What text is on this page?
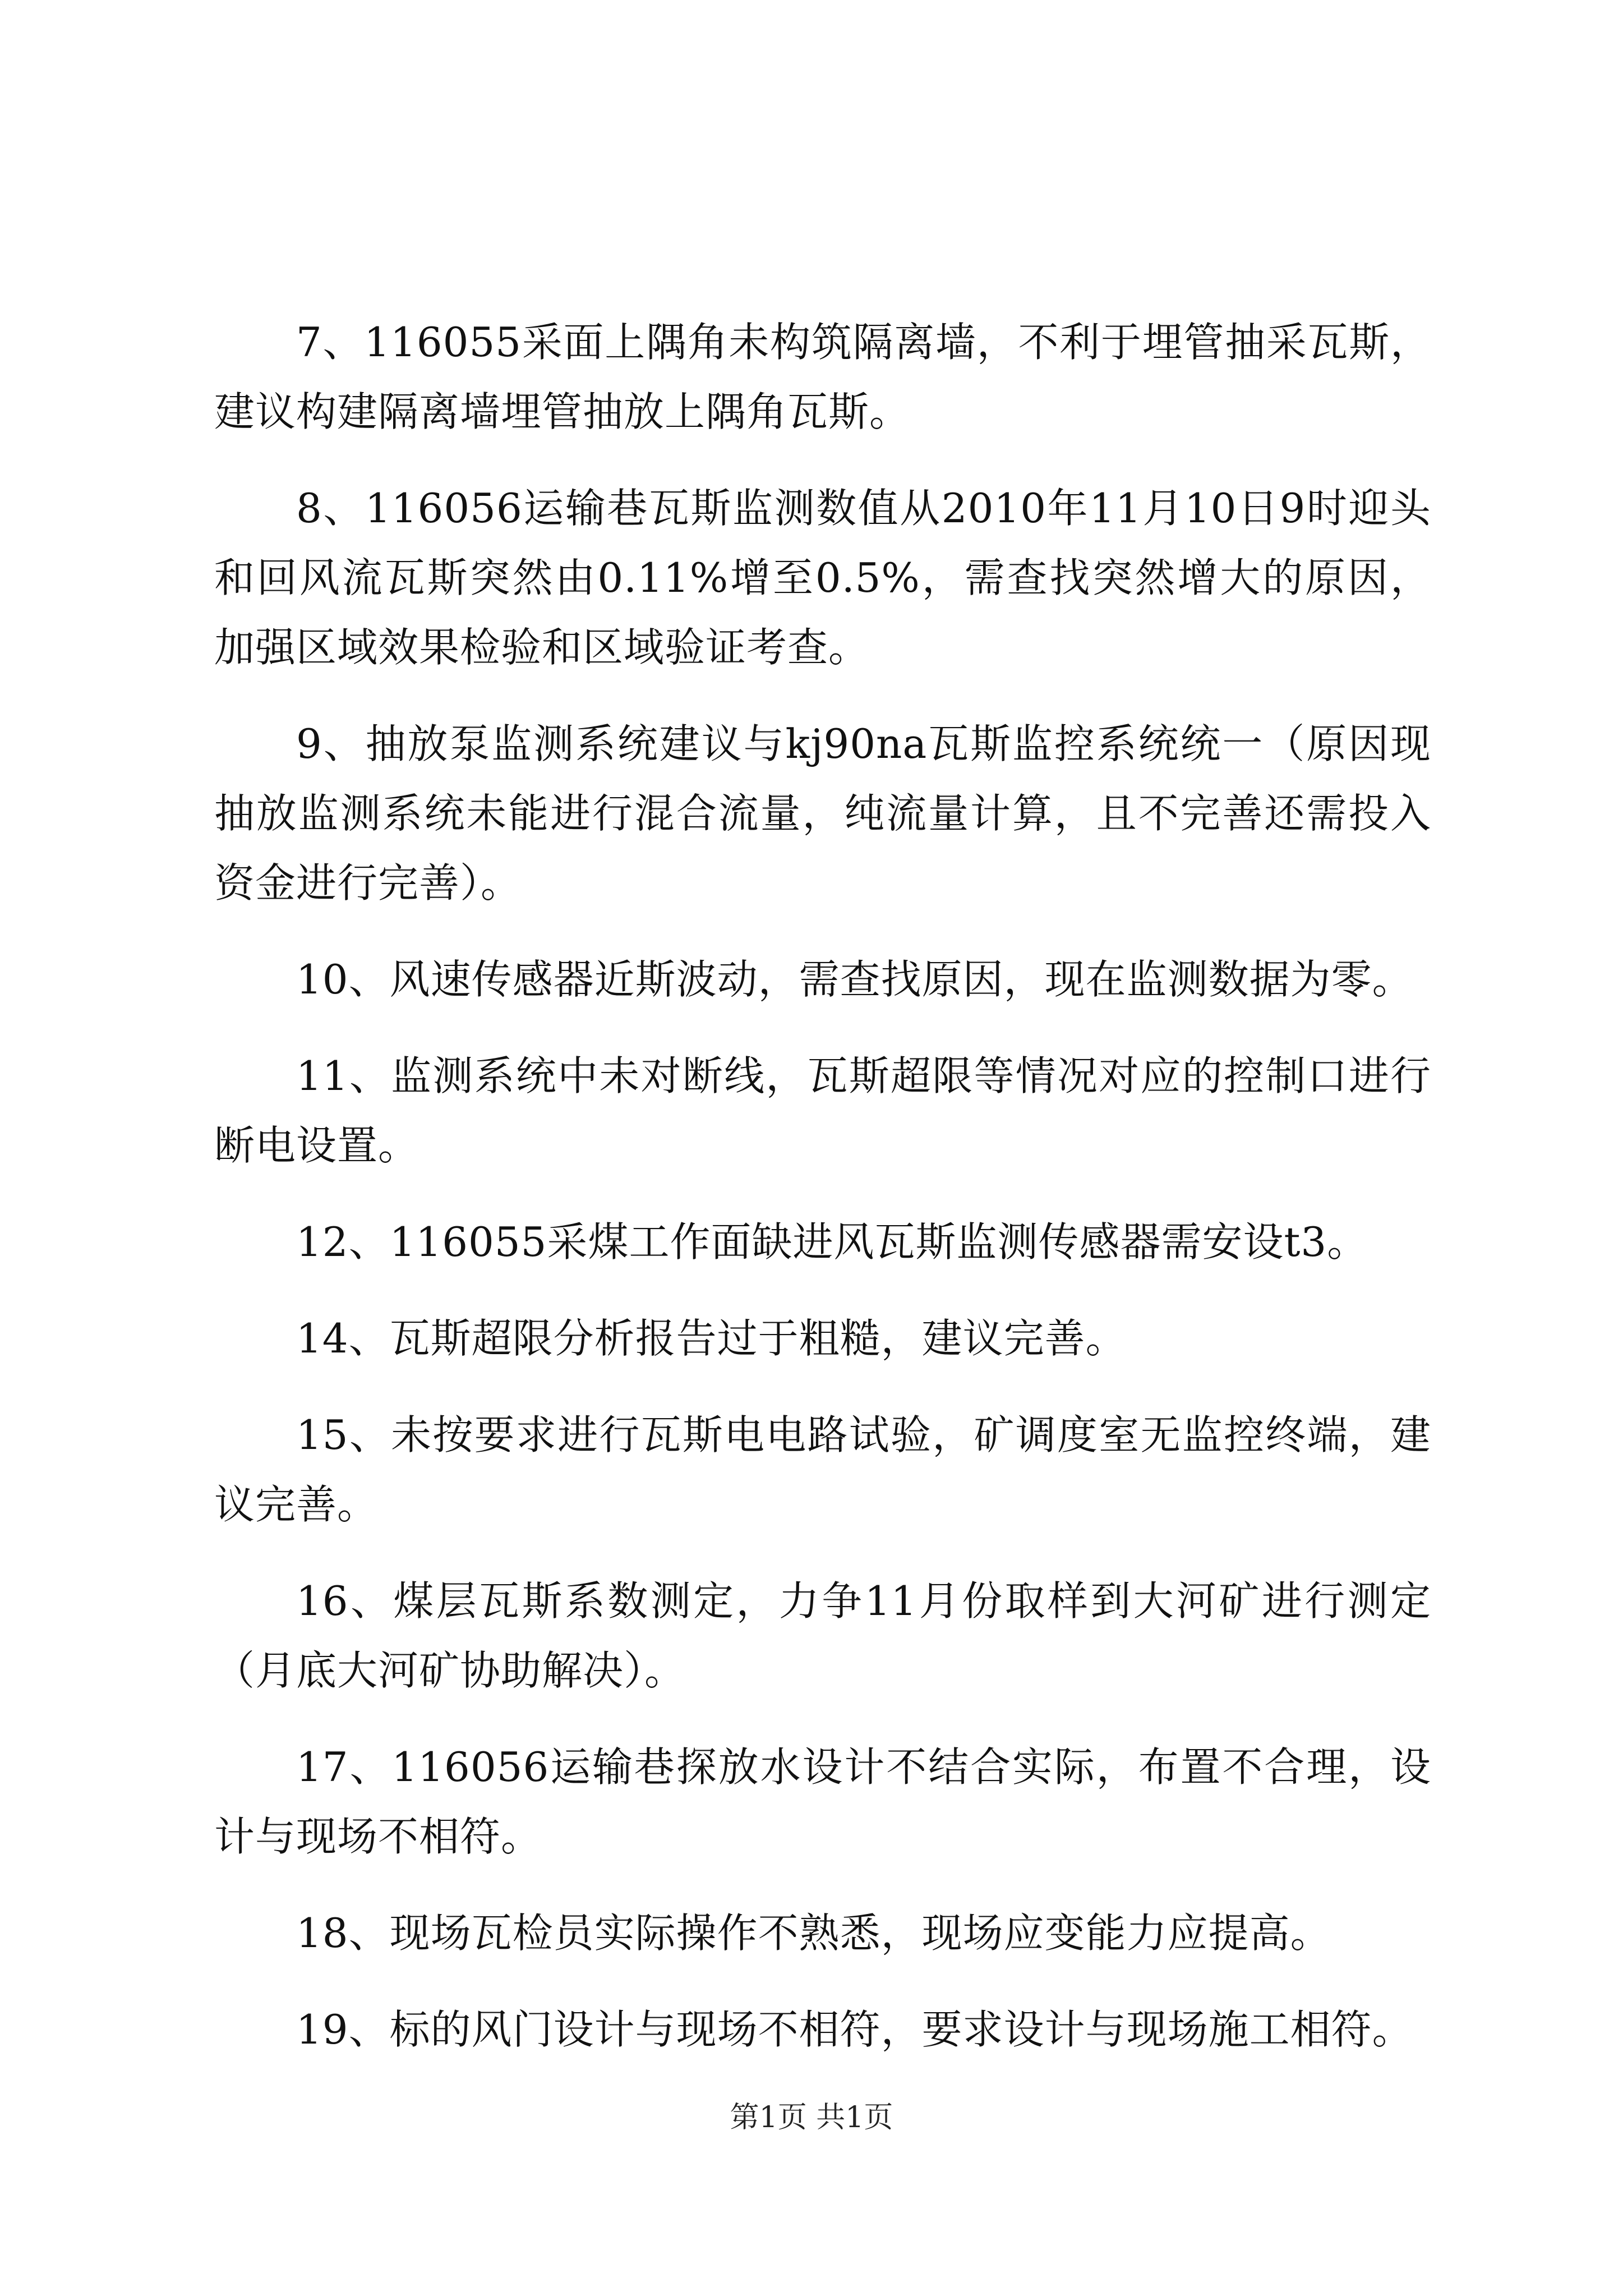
7、116055采面上隅角未构筑隔离墙，不利于埋管抽采瓦斯，建议构建隔离墙埋管抽放上隅角瓦斯。

8、116056运输巷瓦斯监测数值从2010年11月10日9时迎头和回风流瓦斯突然由0.11%增至0.5%，需查找突然增大的原因，加强区域效果检验和区域验证考查。

9、抽放泵监测系统建议与kj90na瓦斯监控系统统一（原因现抽放监测系统未能进行混合流量，纯流量计算，且不完善还需投入资金进行完善）。

10、风速传感器近斯波动，需查找原因，现在监测数据为零。

11、监测系统中未对断线，瓦斯超限等情况对应的控制口进行断电设置。

12、116055采煤工作面缺进风瓦斯监测传感器需安设t3。

14、瓦斯超限分析报告过于粗糙，建议完善。

15、未按要求进行瓦斯电电路试验，矿调度室无监控终端，建议完善。

16、煤层瓦斯系数测定，力争11月份取样到大河矿进行测定（月底大河矿协助解决）。

17、116056运输巷探放水设计不结合实际，布置不合理，设计与现场不相符。

18、现场瓦检员实际操作不熟悉，现场应变能力应提高。

19、标的风门设计与现场不相符，要求设计与现场施工相符。

第1页 共1页
